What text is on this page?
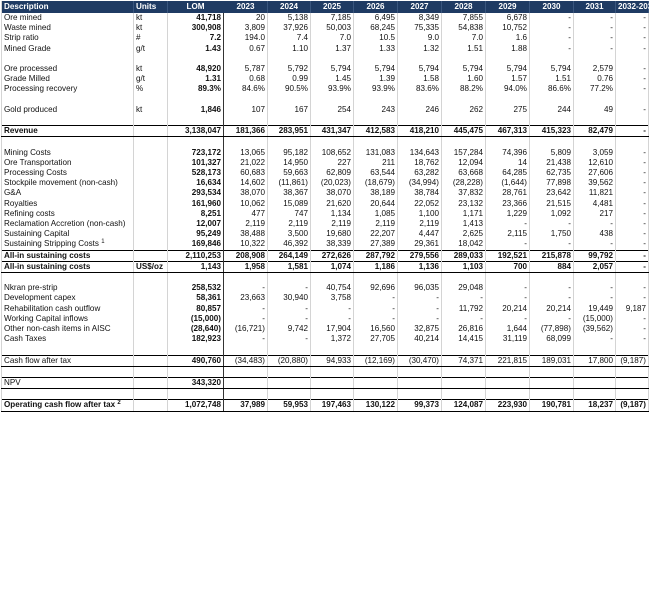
Description	Units	LOM	2023	2024	2025	2026	2027	2028	2029	2030	2031	2032-2035
Ore mined	kt	41,718	20	5,138	7,185	6,495	8,349	7,855	6,678	-	-	-
Waste mined	kt	300,908	3,809	37,926	50,003	68,245	75,335	54,838	10,752	-	-	-
Strip ratio	#	7.2	194.0	7.4	7.0	10.5	9.0	7.0	1.6	-	-	-
Mined Grade	g/t	1.43	0.67	1.10	1.37	1.33	1.32	1.51	1.88	-	-	-

Ore processed	kt	48,920	5,787	5,792	5,794	5,794	5,794	5,794	5,794	5,794	2,579	-
Grade Milled	g/t	1.31	0.68	0.99	1.45	1.39	1.58	1.60	1.57	1.51	0.76	-
Processing recovery	%	89.3%	84.6%	90.5%	93.9%	93.9%	83.6%	88.2%	94.0%	86.6%	77.2%	-

Gold produced	kt	1,846	107	167	254	243	246	262	275	244	49	-

Revenue		3,138,047	181,366	283,951	431,347	412,583	418,210	445,475	467,313	415,323	82,479	-

Mining Costs		723,172	13,065	95,182	108,652	131,083	134,643	157,284	74,396	5,809	3,059	-
Ore Transportation		101,327	21,022	14,950	227	211	18,762	12,094	14	21,438	12,610	-
Processing Costs		528,173	60,683	59,663	62,809	63,544	63,282	63,668	64,285	62,735	27,606	-
Stockpile movement (non-cash)		16,634	14,602	(11,861)	(20,023)	(18,679)	(34,994)	(28,228)	(1,644)	77,898	39,562	-
G&A		293,534	38,070	38,367	38,070	38,189	38,784	37,832	28,761	23,642	11,821	-
Royalties		161,960	10,062	15,089	21,620	20,644	22,052	23,132	23,366	21,515	4,481	-
Refining costs		8,251	477	747	1,134	1,085	1,100	1,171	1,229	1,092	217	-
Reclamation Accretion (non-cash)		12,007	2,119	2,119	2,119	2,119	2,119	1,413	-	-	-	-
Sustaining Capital		95,249	38,488	3,500	19,680	22,207	4,447	2,625	2,115	1,750	438	-
Sustaining Stripping Costs $^1$		169,846	10,322	46,392	38,339	27,389	29,361	18,042	-	-	-	-
All-in sustaining costs		2,110,253	208,908	264,149	272,626	287,792	279,556	289,033	192,521	215,878	99,792	-
All-in sustaining costs	US$/oz	1,143	1,958	1,581	1,074	1,186	1,136	1,103	700	884	2,057	-

Nkran pre-strip		258,532	-	-	40,754	92,696	96,035	29,048	-	-	-	-
Development capex		58,361	23,663	30,940	3,758	-	-	-	-	-	-	-
Rehabilitation cash outflow		80,857	-	-	-	-	-	11,792	20,214	20,214	19,449	9,187
Working Capital inflows		(15,000)	-	-	-	-	-	-	-	-	(15,000)	-
Other non-cash items in AISC		(28,640)	(16,721)	9,742	17,904	16,560	32,875	26,816	1,644	(77,898)	(39,562)	-
Cash Taxes		182,923	-	-	1,372	27,705	40,214	14,415	31,119	68,099	-	-

Cash flow after tax		490,760	(34,483)	(20,880)	94,933	(12,169)	(30,470)	74,371	221,815	189,031	17,800	(9,187)

NPV		343,320										

Operating cash flow after tax $^2$		1,072,748	37,989	59,953	197,463	130,122	99,373	124,087	223,930	190,781	18,237	(9,187)
